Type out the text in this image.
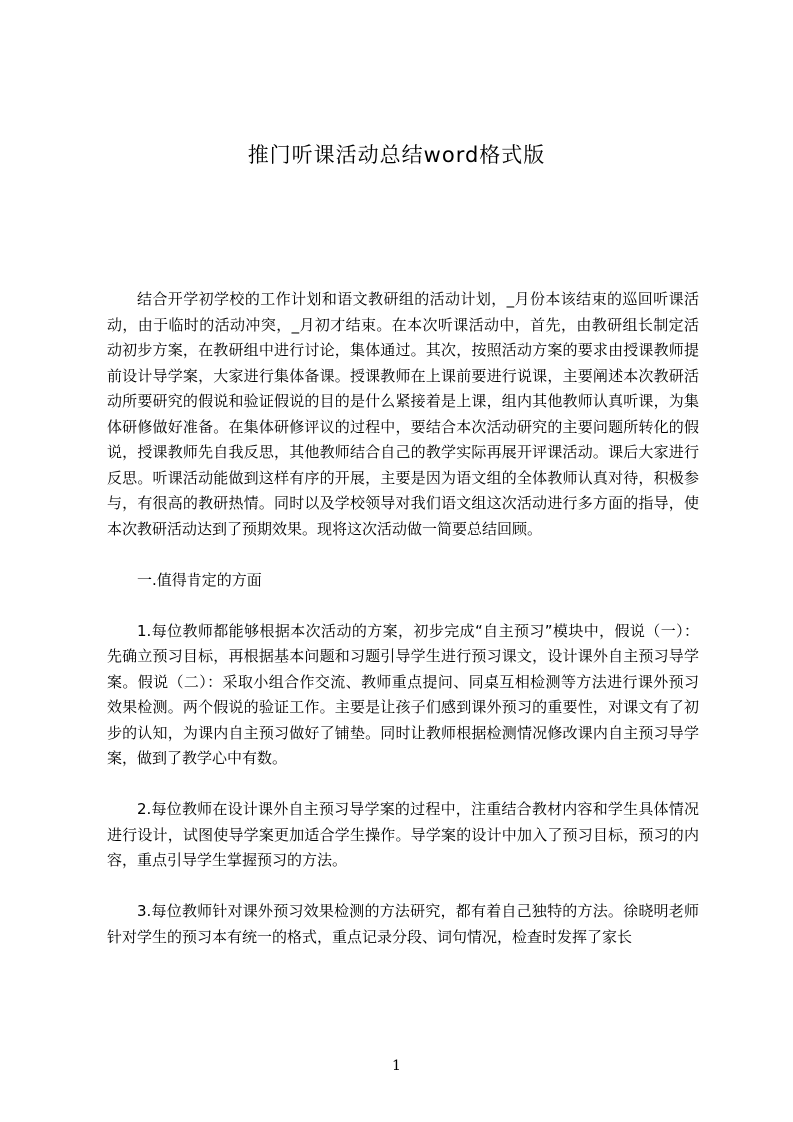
推门听课活动总结word格式版

结合开学初学校的工作计划和语文教研组的活动计划，_月份本该结束的巡回听课活动，由于临时的活动冲突，_月初才结束。在本次听课活动中，首先，由教研组长制定活动初步方案，在教研组中进行讨论，集体通过。其次，按照活动方案的要求由授课教师提前设计导学案，大家进行集体备课。授课教师在上课前要进行说课，主要阐述本次教研活动所要研究的假说和验证假说的目的是什么紧接着是上课，组内其他教师认真听课，为集体研修做好准备。在集体研修评议的过程中，要结合本次活动研究的主要问题所转化的假说，授课教师先自我反思，其他教师结合自己的教学实际再展开评课活动。课后大家进行反思。听课活动能做到这样有序的开展，主要是因为语文组的全体教师认真对待，积极参与，有很高的教研热情。同时以及学校领导对我们语文组这次活动进行多方面的指导，使本次教研活动达到了预期效果。现将这次活动做一简要总结回顾。

一.值得肯定的方面

1.每位教师都能够根据本次活动的方案，初步完成“自主预习”模块中，假说（一）：先确立预习目标，再根据基本问题和习题引导学生进行预习课文，设计课外自主预习导学案。假说（二）：采取小组合作交流、教师重点提问、同桌互相检测等方法进行课外预习效果检测。两个假说的验证工作。主要是让孩子们感到课外预习的重要性，对课文有了初步的认知，为课内自主预习做好了铺垫。同时让教师根据检测情况修改课内自主预习导学案，做到了教学心中有数。

2.每位教师在设计课外自主预习导学案的过程中，注重结合教材内容和学生具体情况进行设计，试图使导学案更加适合学生操作。导学案的设计中加入了预习目标，预习的内容，重点引导学生掌握预习的方法。

3.每位教师针对课外预习效果检测的方法研究，都有着自己独特的方法。徐晓明老师针对学生的预习本有统一的格式，重点记录分段、词句情况，检查时发挥了家长

1
